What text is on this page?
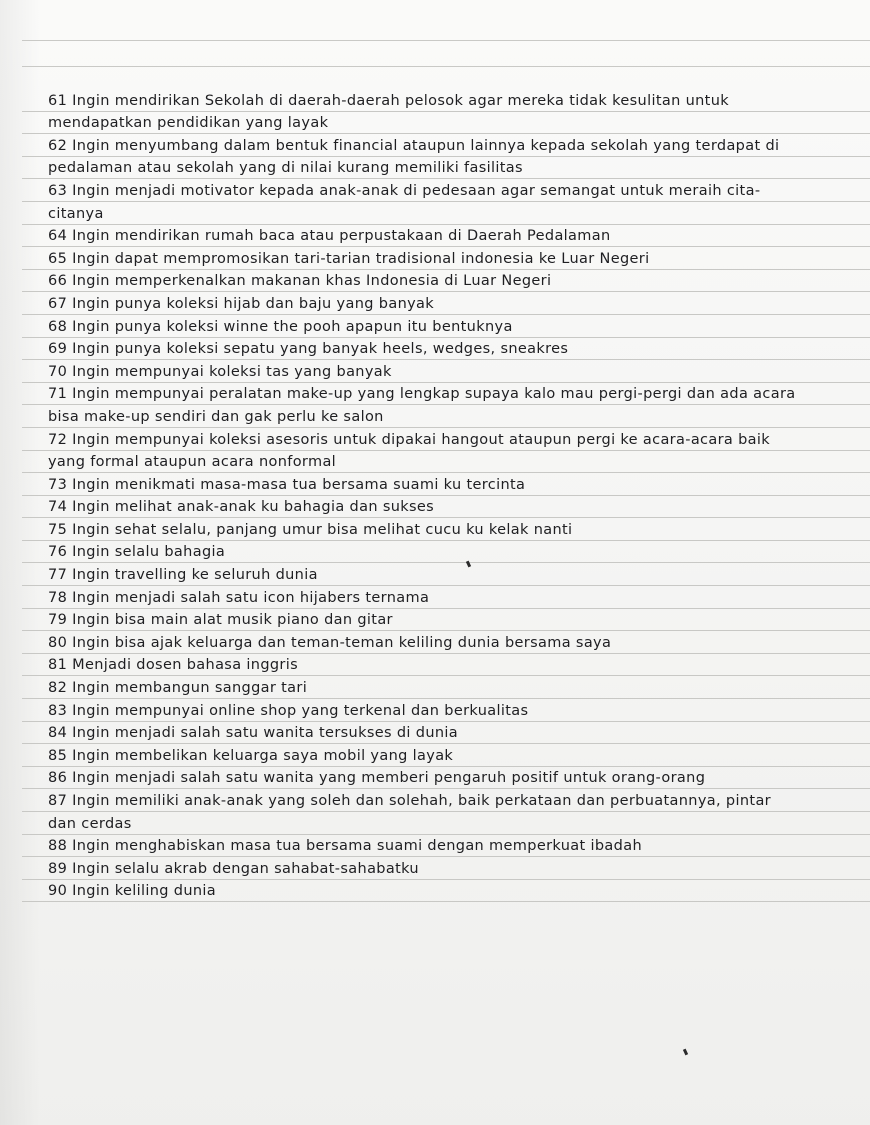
61 Ingin mendirikan Sekolah di daerah-daerah pelosok agar mereka tidak kesulitan untuk
mendapatkan pendidikan yang layak
62 Ingin menyumbang dalam bentuk financial ataupun lainnya kepada sekolah yang terdapat di
pedalaman atau sekolah yang di nilai kurang memiliki fasilitas
63 Ingin menjadi motivator kepada anak-anak di pedesaan agar semangat untuk meraih cita-
citanya
64 Ingin mendirikan rumah baca atau perpustakaan di Daerah Pedalaman
65 Ingin dapat mempromosikan tari-tarian tradisional indonesia ke Luar Negeri
66 Ingin memperkenalkan makanan khas Indonesia di Luar Negeri
67 Ingin punya koleksi hijab dan baju yang banyak
68 Ingin punya koleksi winne the pooh apapun itu bentuknya
69 Ingin punya koleksi sepatu yang banyak heels, wedges, sneakres
70 Ingin mempunyai koleksi tas yang banyak
71 Ingin mempunyai peralatan make-up yang lengkap supaya kalo mau pergi-pergi dan ada acara
bisa make-up sendiri dan gak perlu ke salon
72 Ingin mempunyai koleksi asesoris untuk dipakai hangout ataupun pergi ke acara-acara baik
yang formal ataupun acara nonformal
73 Ingin menikmati masa-masa tua bersama suami ku tercinta
74 Ingin melihat anak-anak ku bahagia dan sukses
75 Ingin sehat selalu, panjang umur bisa melihat cucu ku kelak nanti
76 Ingin selalu bahagia
77 Ingin travelling ke seluruh dunia
78 Ingin menjadi salah satu icon hijabers ternama
79 Ingin bisa main alat musik piano dan gitar
80 Ingin bisa ajak keluarga dan teman-teman keliling dunia bersama saya
81 Menjadi dosen bahasa inggris
82 Ingin membangun sanggar tari
83 Ingin mempunyai online shop yang terkenal dan berkualitas
84 Ingin menjadi salah satu wanita tersukses di dunia
85 Ingin membelikan keluarga saya mobil yang layak
86 Ingin menjadi salah satu wanita yang memberi pengaruh positif untuk orang-orang
87 Ingin memiliki anak-anak yang soleh dan solehah, baik perkataan dan perbuatannya, pintar
dan cerdas
88 Ingin menghabiskan masa tua bersama suami dengan memperkuat ibadah
89 Ingin selalu akrab dengan sahabat-sahabatku
90 Ingin keliling dunia
